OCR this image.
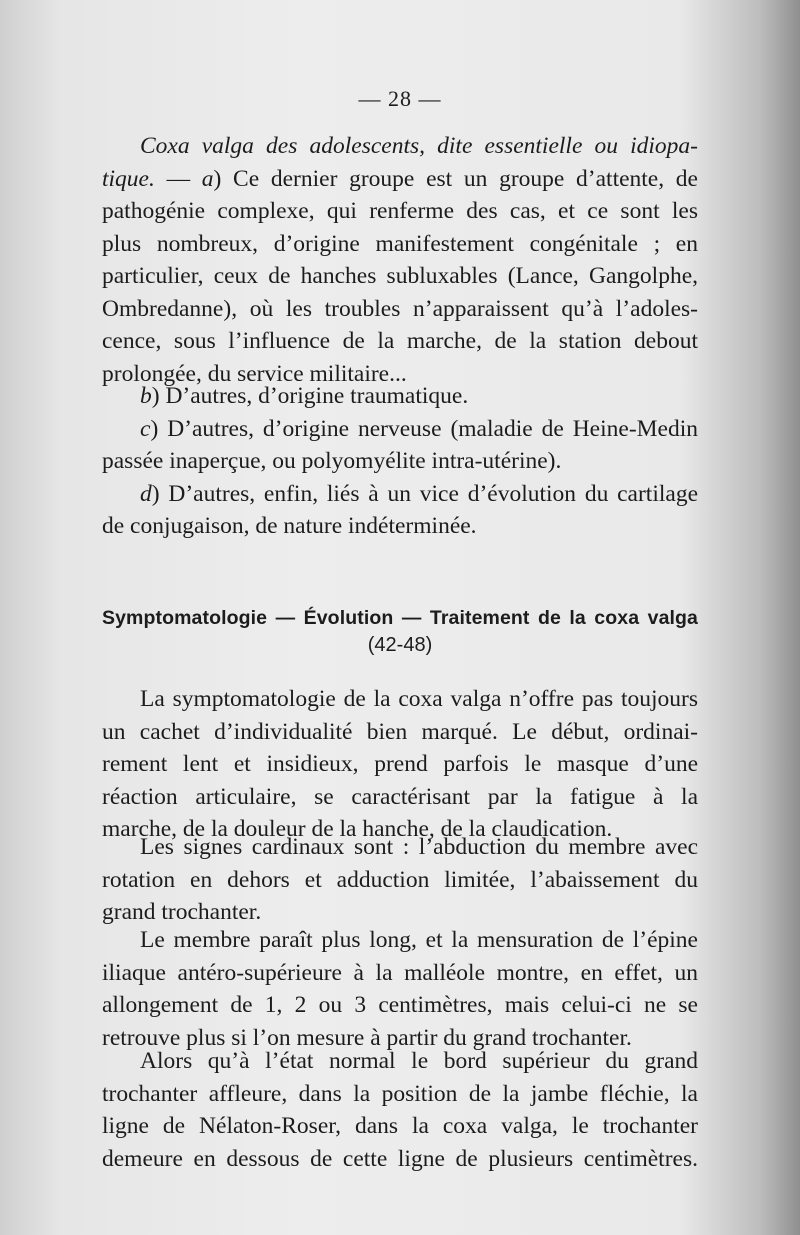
— 28 —
Coxa valga des adolescents, dite essentielle ou idiopa-
tique. — a) Ce dernier groupe est un groupe d’attente, de
pathogénie complexe, qui renferme des cas, et ce sont les
plus nombreux, d’origine manifestement congénitale ; en
particulier, ceux de hanches subluxables (Lance, Gangolphe,
Ombredanne), où les troubles n’apparaissent qu’à l’adoles-
cence, sous l’influence de la marche, de la station debout
prolongée, du service militaire...
b) D’autres, d’origine traumatique.
c) D’autres, d’origine nerveuse (maladie de Heine-Medin
passée inaperçue, ou polyomyélite intra-utérine).
d) D’autres, enfin, liés à un vice d’évolution du cartilage
de conjugaison, de nature indéterminée.
Symptomatologie — Évolution — Traitement de la coxa valga
(42-48)
La symptomatologie de la coxa valga n’offre pas toujours
un cachet d’individualité bien marqué. Le début, ordinai-
rement lent et insidieux, prend parfois le masque d’une
réaction articulaire, se caractérisant par la fatigue à la
marche, de la douleur de la hanche, de la claudication.
Les signes cardinaux sont : l’abduction du membre avec
rotation en dehors et adduction limitée, l’abaissement du
grand trochanter.
Le membre paraît plus long, et la mensuration de l’épine
iliaque antéro-supérieure à la malléole montre, en effet, un
allongement de 1, 2 ou 3 centimètres, mais celui-ci ne se
retrouve plus si l’on mesure à partir du grand trochanter.
Alors qu’à l’état normal le bord supérieur du grand
trochanter affleure, dans la position de la jambe fléchie, la
ligne de Nélaton-Roser, dans la coxa valga, le trochanter
demeure en dessous de cette ligne de plusieurs centimètres.
